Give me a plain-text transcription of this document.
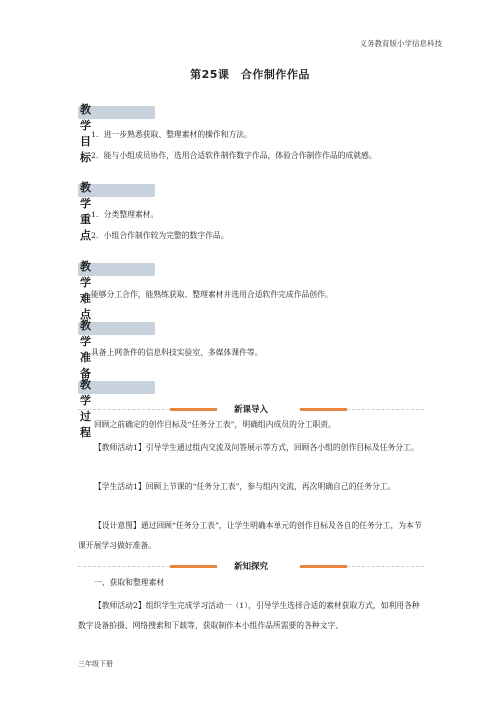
义务教育版小学信息科技
第25课　合作制作作品
教学目标
1．进一步熟悉获取、整理素材的操作和方法。
2．能与小组成员协作，选用合适软件制作数字作品，体验合作制作作品的成就感。
教学重点
1．分类整理素材。
2．小组合作制作较为完整的数字作品。
教学难点
能够分工合作，能熟练获取、整理素材并选用合适软件完成作品创作。
教学准备
具备上网条件的信息科技实验室、多媒体课件等。
教学过程
新课导入
回顾之前确定的创作目标及“任务分工表”，明确组内成员的分工职责。
【教师活动1】引导学生通过组内交流及问答展示等方式，回顾各小组的创作目标及任务分工。
【学生活动1】回顾上节课的“任务分工表”，参与组内交流，再次明确自己的任务分工。
【设计意图】通过回顾“任务分工表”，让学生明确本单元的创作目标及各自的任务分工，为本节课开展学习做好准备。
新知探究
一、获取和整理素材
【教师活动2】组织学生完成学习活动一（1），引导学生选择合适的素材获取方式，如利用各种数字设备拍摄、网络搜索和下载等，获取制作本小组作品所需要的各种文字、
三年级下册
